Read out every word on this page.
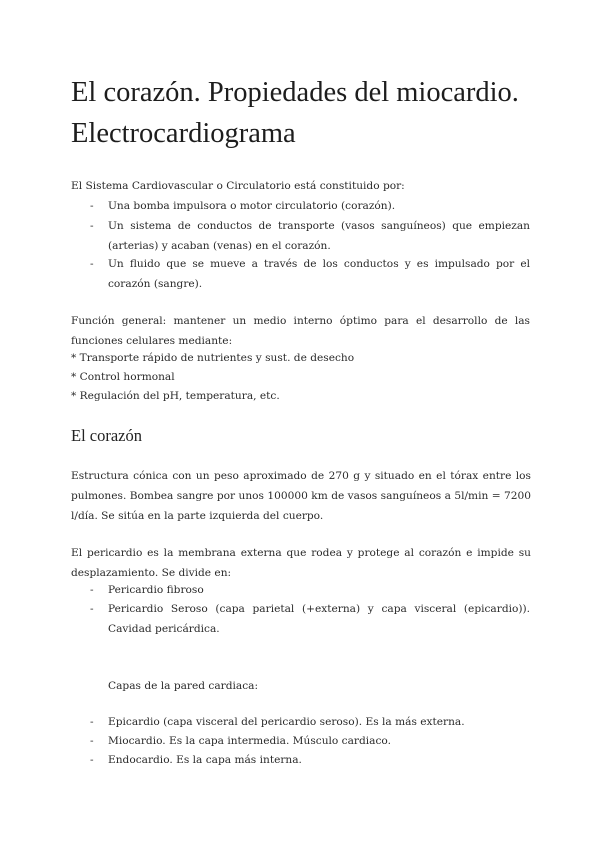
El corazón. Propiedades del miocardio. Electrocardiograma

El Sistema Cardiovascular o Circulatorio está constituido por:

- Una bomba impulsora o motor circulatorio (corazón).

- Un sistema de conductos de transporte (vasos sanguíneos) que empiezan (arterias) y acaban (venas) en el corazón.

- Un fluido que se mueve a través de los conductos y es impulsado por el corazón (sangre).

Función general: mantener un medio interno óptimo para el desarrollo de las funciones celulares mediante:

* Transporte rápido de nutrientes y sust. de desecho

* Control hormonal

* Regulación del pH, temperatura, etc.

El corazón

Estructura cónica con un peso aproximado de 270 g y situado en el tórax entre los pulmones. Bombea sangre por unos 100000 km de vasos sanguíneos a 5l/min = 7200 l/día. Se sitúa en la parte izquierda del cuerpo.

El pericardio es la membrana externa que rodea y protege al corazón e impide su desplazamiento. Se divide en:

- Pericardio fibroso

- Pericardio Seroso (capa parietal (+externa) y capa visceral (epicardio)). Cavidad pericárdica.

Capas de la pared cardiaca:

- Epicardio (capa visceral del pericardio seroso). Es la más externa.

- Miocardio. Es la capa intermedia. Músculo cardiaco.

- Endocardio. Es la capa más interna.
